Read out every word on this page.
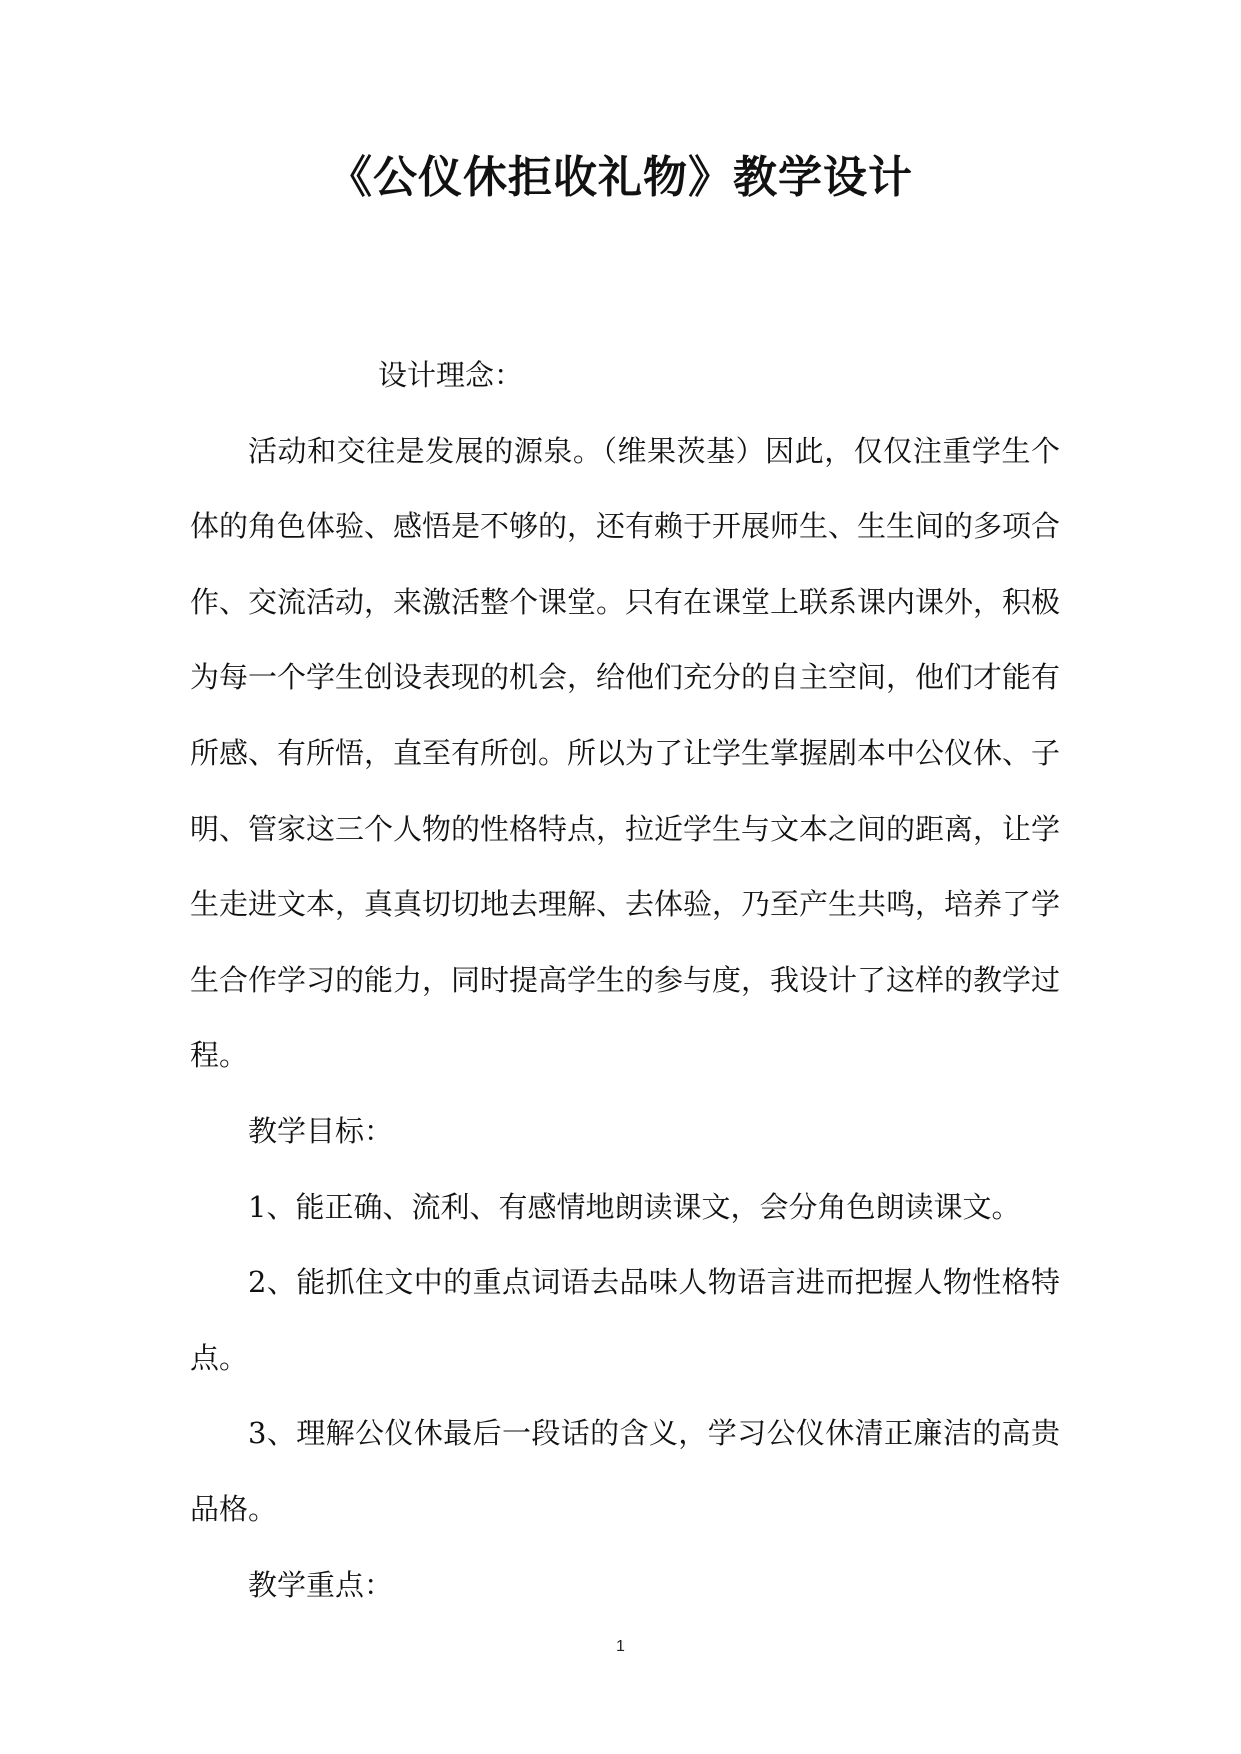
《公仪休拒收礼物》教学设计

设计理念：

活动和交往是发展的源泉。（维果茨基）因此，仅仅注重学生个体的角色体验、感悟是不够的，还有赖于开展师生、生生间的多项合作、交流活动，来激活整个课堂。只有在课堂上联系课内课外，积极为每一个学生创设表现的机会，给他们充分的自主空间，他们才能有所感、有所悟，直至有所创。所以为了让学生掌握剧本中公仪休、子明、管家这三个人物的性格特点，拉近学生与文本之间的距离，让学生走进文本，真真切切地去理解、去体验，乃至产生共鸣，培养了学生合作学习的能力，同时提高学生的参与度，我设计了这样的教学过程。

教学目标：

1、能正确、流利、有感情地朗读课文，会分角色朗读课文。

2、能抓住文中的重点词语去品味人物语言进而把握人物性格特点。

3、理解公仪休最后一段话的含义，学习公仪休清正廉洁的高贵品格。

教学重点：

1
